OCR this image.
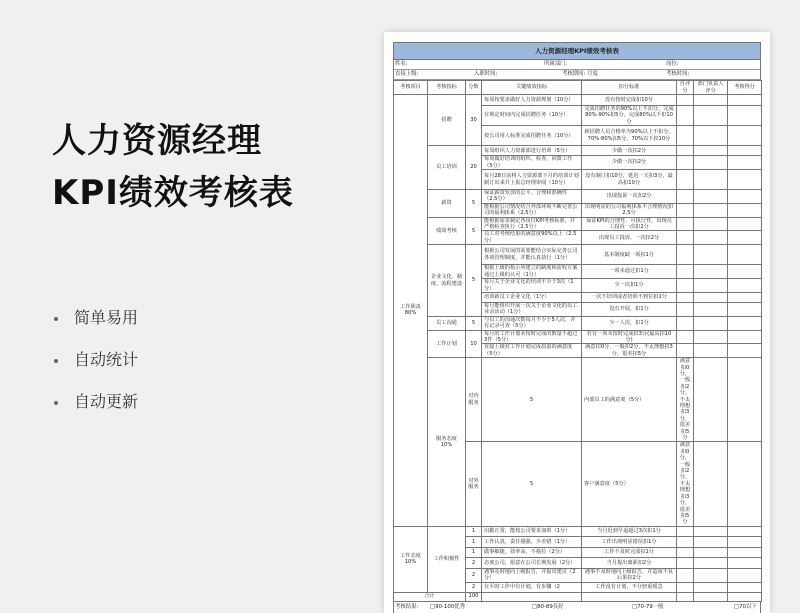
人力资源经理
KPI绩效考核表
简单易用
自动统计
自动更新
人力资源经理KPI绩效考核表
姓名:	所属部门:	岗位:
直接上级:	入职时间:	考核期间: 月度	考核时间:
考核项目	考核指标	分数	关键绩效指标	扣分标准	自评分	部门负责人评分	考核得分	
工作职责 80%	招聘	30	每周按要求做好人力资源规划（10分）	没有按时完成扣10分				
			在规定时间内完成招聘任务（10分）	完成招聘任务的90%以上不扣分，完成80%-90%扣5分，完成80%以下扣10分				
			按公司用人标准完成招聘任务（10分）	新招聘人员合格率为90%以上不扣分，70%-80%扣5分，70%以下扣10分				
	员工培训	20	每周组织人力资源部进行培训（5分）	少做一次扣2分				
			每周做好培训的组织、检查、回馈工作（5分）	少做一次扣2分				
			每月28日前将人力资源部下月的培训计划制订出来并上报总经理审阅（10分）	没有制订扣10分，延迟一天扣3分，最高扣10分				
	薪资	5	保证薪资发放的公平、合理和准确性（2.5分）	出现投诉一次扣2分				
			能根据公司情况结合外部环境不断完善公司的福利体系（2.5分）	出现明显的公司福利体系不合理情况扣2.5分				
	绩效考核	5	能根据需求制定各岗位KPI考核标准，并严格检查执行（2.5分）	保证KPI的合理性、可执行性，出现员工投诉一次扣2分				
			员工对考核结果的满意度90%以上（2.5分）	出现员工投诉，一次扣2分				
	企业文化、制度、流程建设	5	根据公司发展的需要能结合实际完善公司各项管理制度，并能认真执行（1分）	基本制度缺一项扣1分				
			根据上级的指示所建立的制度和流程方案通过上级的认可（1分）	一项未通过扣1分				
			每月关于企业文化的培训不少于3次（1分）	少一次扣1分				
			培训新员工企业文化（1分）	一次不培训或者培训不到位扣1分				
			每月能组织开展一次关于企业文化的员工业余活动（1分）	没有开展，扣1分				
	员工沟通	5	与员工的沟通次数每月不少于5人次，并有记录可查（5分）	少一人次，扣1分				
	工作计划	10	每月的工作计划未按时完成的数量不超过3件（5分）	若有一项未按时完成扣3分(最高扣10分)				
			直接上级对工作计划完成质量的满意度（5分）	满意扣0分，一般扣2分，不太理想扣3分，很差扣5分				
	服务态度 10%	对内服务	5	内部员工的满意度（5分）	满意扣0分，一般扣2分，不太理想扣3分，很差扣5分			
		对外服务	5	客户满意度（5分）	满意扣0分，一般扣2分，不太理想扣3分，很差扣5分			
工作态度 10%	工作积极性	1	出勤正常，能按公司要求加班（1分）	当月迟到早退超过3次扣1分				
		1	工作认真，责任感强，少差错（1分）	工作出现明显错误扣1分				
		1	做事敏捷，效率高，不拖拉（2分）	工作不及时完成扣1分				
		2	态度公司，愿意在公司长期发展（2分）	当月提出离职扣2分				
		2	遇事及时地向上级报告，并提出建议（2分）	遇事不及时地向上级报告，并造成不良后果扣2分				
		2	在平时工作中有计划，有步骤（2	工作没有计划，不分轻重缓急				
合计		100						
考核结果: □90-100优秀	□80-89良好	□70-79一般	□70以下
